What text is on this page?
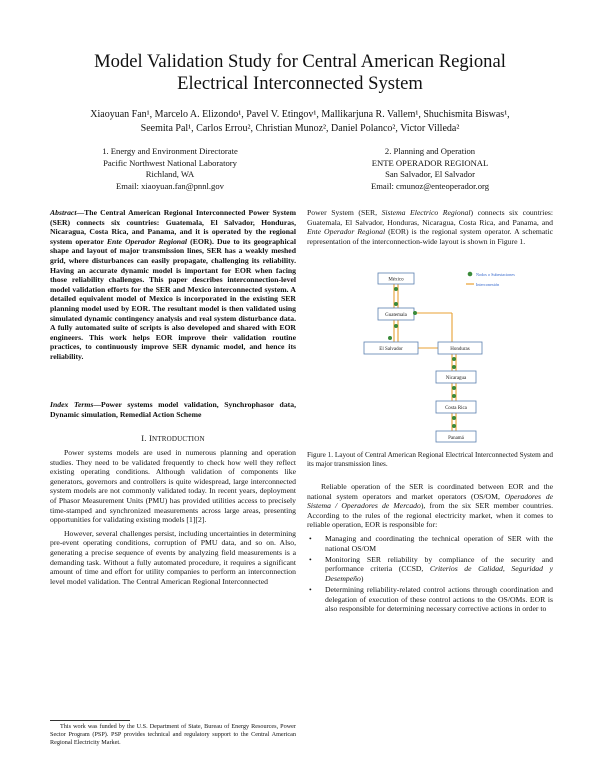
Model Validation Study for Central American Regional
Electrical Interconnected System
Xiaoyuan Fan¹, Marcelo A. Elizondo¹, Pavel V. Etingov¹, Mallikarjuna R. Vallem¹, Shuchismita Biswas¹,
Seemita Pal¹, Carlos Errou², Christian Munoz², Daniel Polanco², Victor Villeda²
1. Energy and Environment Directorate
Pacific Northwest National Laboratory
Richland, WA
Email: xiaoyuan.fan@pnnl.gov
2. Planning and Operation
ENTE OPERADOR REGIONAL
San Salvador, El Salvador
Email: cmunoz@enteoperador.org
Abstract—The Central American Regional Interconnected Power System (SER) connects six countries: Guatemala, El Salvador, Honduras, Nicaragua, Costa Rica, and Panama, and it is operated by the regional system operator Ente Operador Regional (EOR). Due to its geographical shape and layout of major transmission lines, SER has a weakly meshed grid, where disturbances can easily propagate, challenging its reliability. Having an accurate dynamic model is important for EOR when facing those reliability challenges. This paper describes interconnection-level model validation efforts for the SER and Mexico interconnected system. A detailed equivalent model of Mexico is incorporated in the existing SER planning model used by EOR. The resultant model is then validated using simulated dynamic contingency analysis and real system disturbance data. A fully automated suite of scripts is also developed and shared with EOR engineers. This work helps EOR improve their validation routine practices, to continuously improve SER dynamic model, and hence its reliability.
Index Terms—Power systems model validation, Synchrophasor data, Dynamic simulation, Remedial Action Scheme
I. INTRODUCTION

Power systems models are used in numerous planning and operation studies. They need to be validated frequently to check how well they reflect existing operating conditions. Although validation of components like generators, governors and controllers is quite widespread, large interconnected system models are not commonly validated today. In recent years, deployment of Phasor Measurement Units (PMU) has provided utilities access to precisely time-stamped and synchronized measurements across large areas, presenting opportunities for validating existing models [1][2].

However, several challenges persist, including uncertainties in determining pre-event operating conditions, corruption of PMU data, and so on. Also, generating a precise sequence of events by analyzing field measurements is a demanding task. Without a fully automated procedure, it requires a significant amount of time and effort for utility companies to perform an interconnection level model validation. The Central American Regional Interconnected

Power System (SER, Sistema Electrico Regional) connects six countries: Guatemala, El Salvador, Honduras, Nicaragua, Costa Rica, and Panama, and Ente Operador Regional (EOR) is the regional system operator. A schematic representation of the interconnection-wide layout is shown in Figure 1.
Nodos o Subestaciones
Interconexión
México
Guatemala
El Salvador	Honduras
Nicaragua
Costa Rica
Panamá
Figure 1. Layout of Central American Regional Electrical Interconnected System and its major transmission lines.

Reliable operation of the SER is coordinated between EOR and the national system operators and market operators (OS/OM, Operadores de Sistema / Operadores de Mercado), from the six SER member countries. According to the rules of the regional electricity market, when it comes to reliable operation, EOR is responsible for:

• Managing and coordinating the technical operation of SER with the national OS/OM
• Monitoring SER reliability by compliance of the security and performance criteria (CCSD, Criterios de Calidad, Seguridad y Desempeño)
• Determining reliability-related control actions through coordination and delegation of execution of these control actions to the OS/OMs. EOR is also responsible for determining necessary corrective actions in order to
This work was funded by the U.S. Department of State, Bureau of Energy Resources, Power Sector Program (PSP). PSP provides technical and regulatory support to the Central American Regional Electricity Market.
